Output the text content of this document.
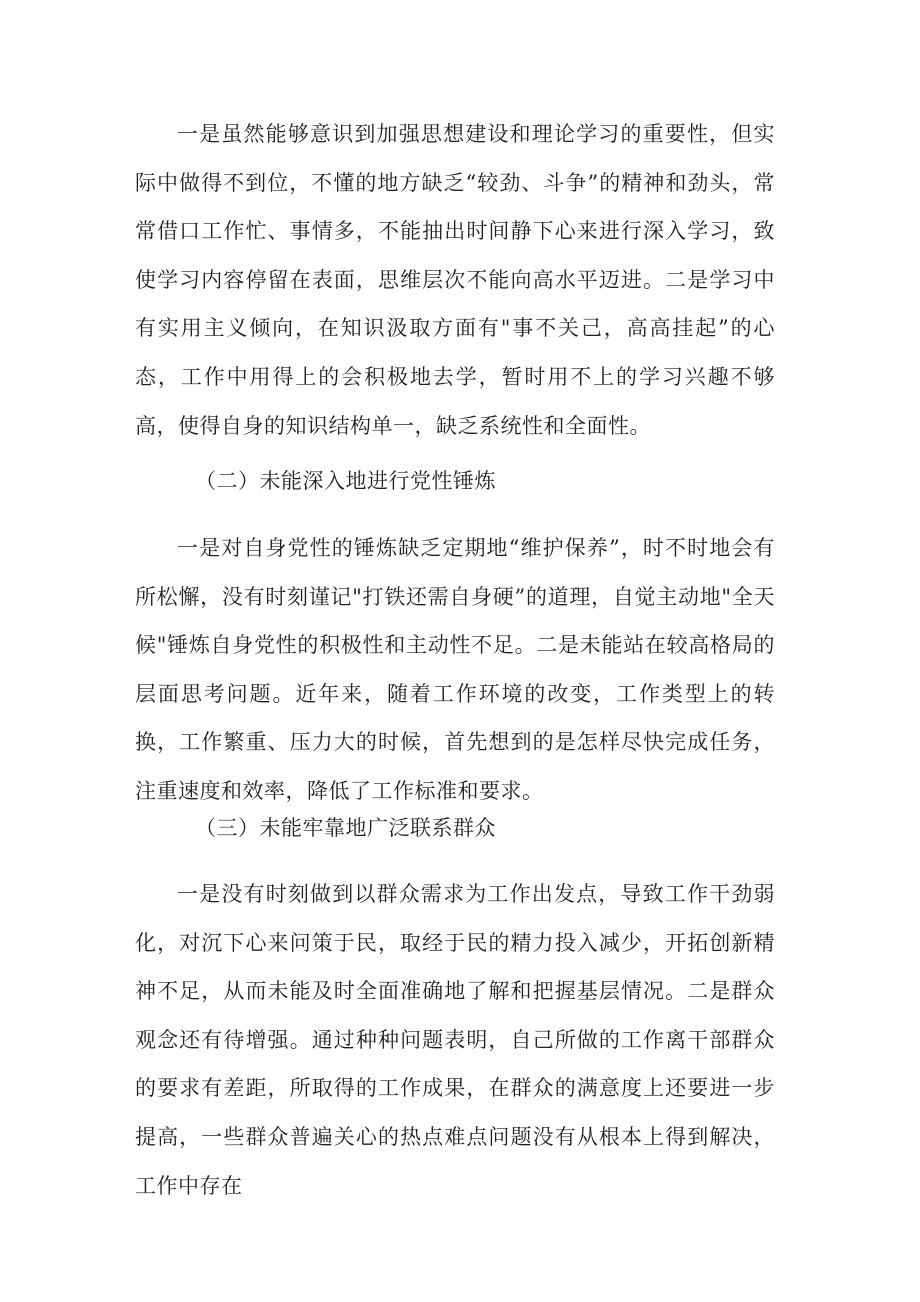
一是虽然能够意识到加强思想建设和理论学习的重要性，但实际中做得不到位，不懂的地方缺乏“较劲、斗争”的精神和劲头，常常借口工作忙、事情多，不能抽出时间静下心来进行深入学习，致使学习内容停留在表面，思维层次不能向高水平迈进。二是学习中有实用主义倾向，在知识汲取方面有"事不关己，高高挂起”的心态，工作中用得上的会积极地去学，暂时用不上的学习兴趣不够高，使得自身的知识结构单一，缺乏系统性和全面性。

（二）未能深入地进行党性锤炼

一是对自身党性的锤炼缺乏定期地“维护保养”，时不时地会有所松懈，没有时刻谨记"打铁还需自身硬”的道理，自觉主动地"全天候"锤炼自身党性的积极性和主动性不足。二是未能站在较高格局的层面思考问题。近年来，随着工作环境的改变，工作类型上的转换，工作繁重、压力大的时候，首先想到的是怎样尽快完成任务，注重速度和效率，降低了工作标准和要求。

（三）未能牢靠地广泛联系群众

一是没有时刻做到以群众需求为工作出发点，导致工作干劲弱化，对沉下心来问策于民，取经于民的精力投入减少，开拓创新精神不足，从而未能及时全面准确地了解和把握基层情况。二是群众观念还有待增强。通过种种问题表明，自己所做的工作离干部群众的要求有差距，所取得的工作成果，在群众的满意度上还要进一步提高，一些群众普遍关心的热点难点问题没有从根本上得到解决，工作中存在
